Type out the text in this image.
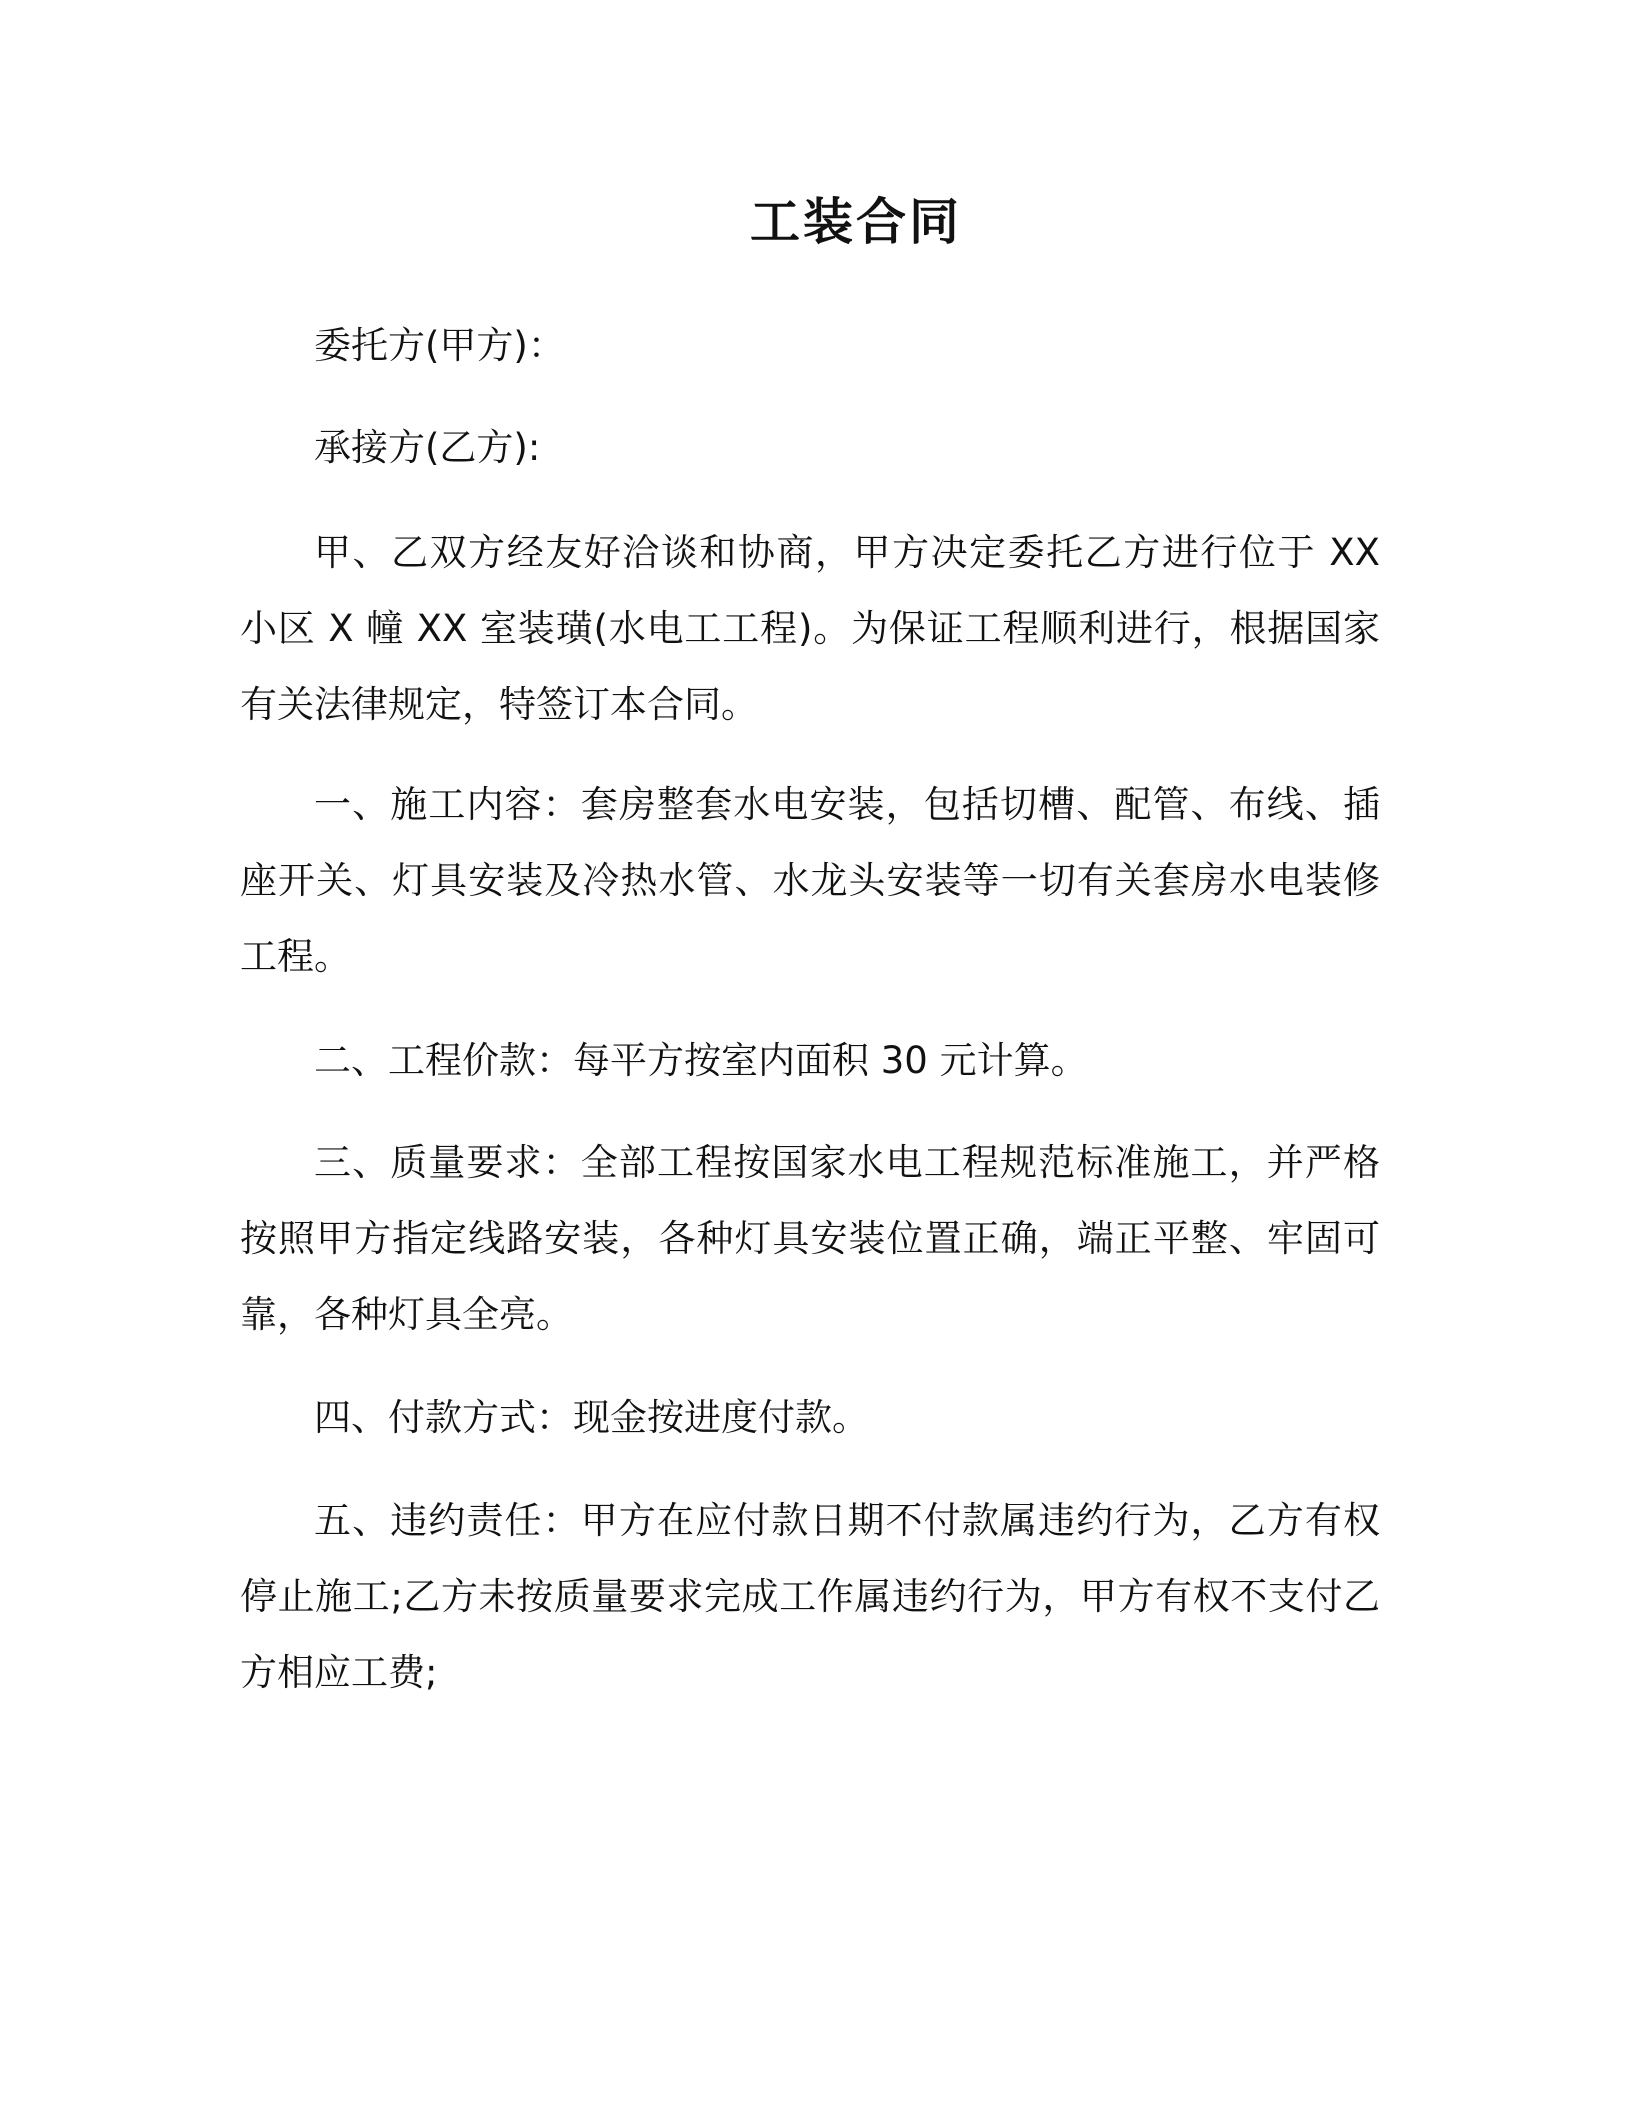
工装合同

委托方(甲方)：

承接方(乙方):

甲、乙双方经友好洽谈和协商，甲方决定委托乙方进行位于 XX 小区 X 幢 XX 室装璜(水电工工程)。为保证工程顺利进行，根据国家有关法律规定，特签订本合同。

一、施工内容：套房整套水电安装，包括切槽、配管、布线、插座开关、灯具安装及冷热水管、水龙头安装等一切有关套房水电装修工程。

二、工程价款：每平方按室内面积 30 元计算。

三、质量要求：全部工程按国家水电工程规范标准施工，并严格按照甲方指定线路安装，各种灯具安装位置正确，端正平整、牢固可靠，各种灯具全亮。

四、付款方式：现金按进度付款。

五、违约责任：甲方在应付款日期不付款属违约行为，乙方有权停止施工;乙方未按质量要求完成工作属违约行为，甲方有权不支付乙方相应工费;
